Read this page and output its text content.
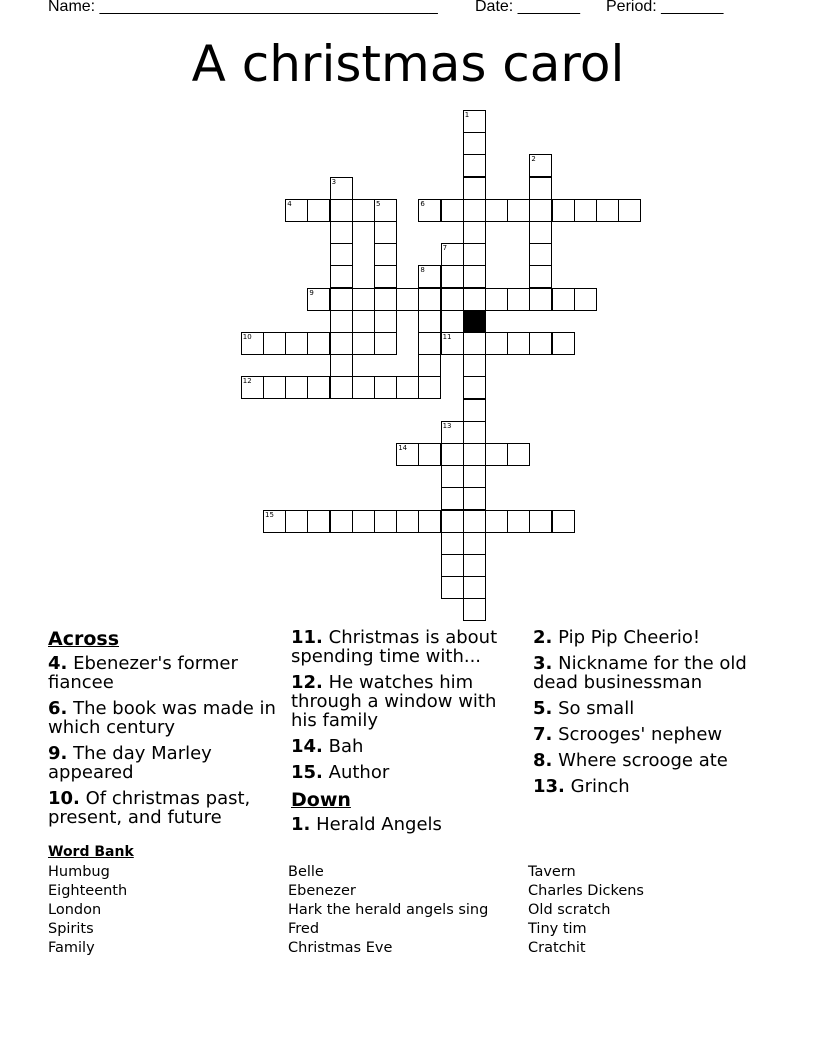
Name: ______________________________________ Date: _______ Period: _______
A christmas carol
1
2
3
4	5	6
7
8
9
10	11
12
13
14
15
Across
4. Ebenezer's former fiancee
6. The book was made in which century
9. The day Marley appeared
10. Of christmas past, present, and future
11. Christmas is about spending time with...
12. He watches him through a window with his family
14. Bah
15. Author
Down
1. Herald Angels
2. Pip Pip Cheerio!
3. Nickname for the old dead businessman
5. So small
7. Scrooges' nephew
8. Where scrooge ate
13. Grinch
Word Bank
Humbug
Eighteenth
London
Spirits
Family
Belle
Ebenezer
Hark the herald angels sing
Fred
Christmas Eve
Tavern
Charles Dickens
Old scratch
Tiny tim
Cratchit
